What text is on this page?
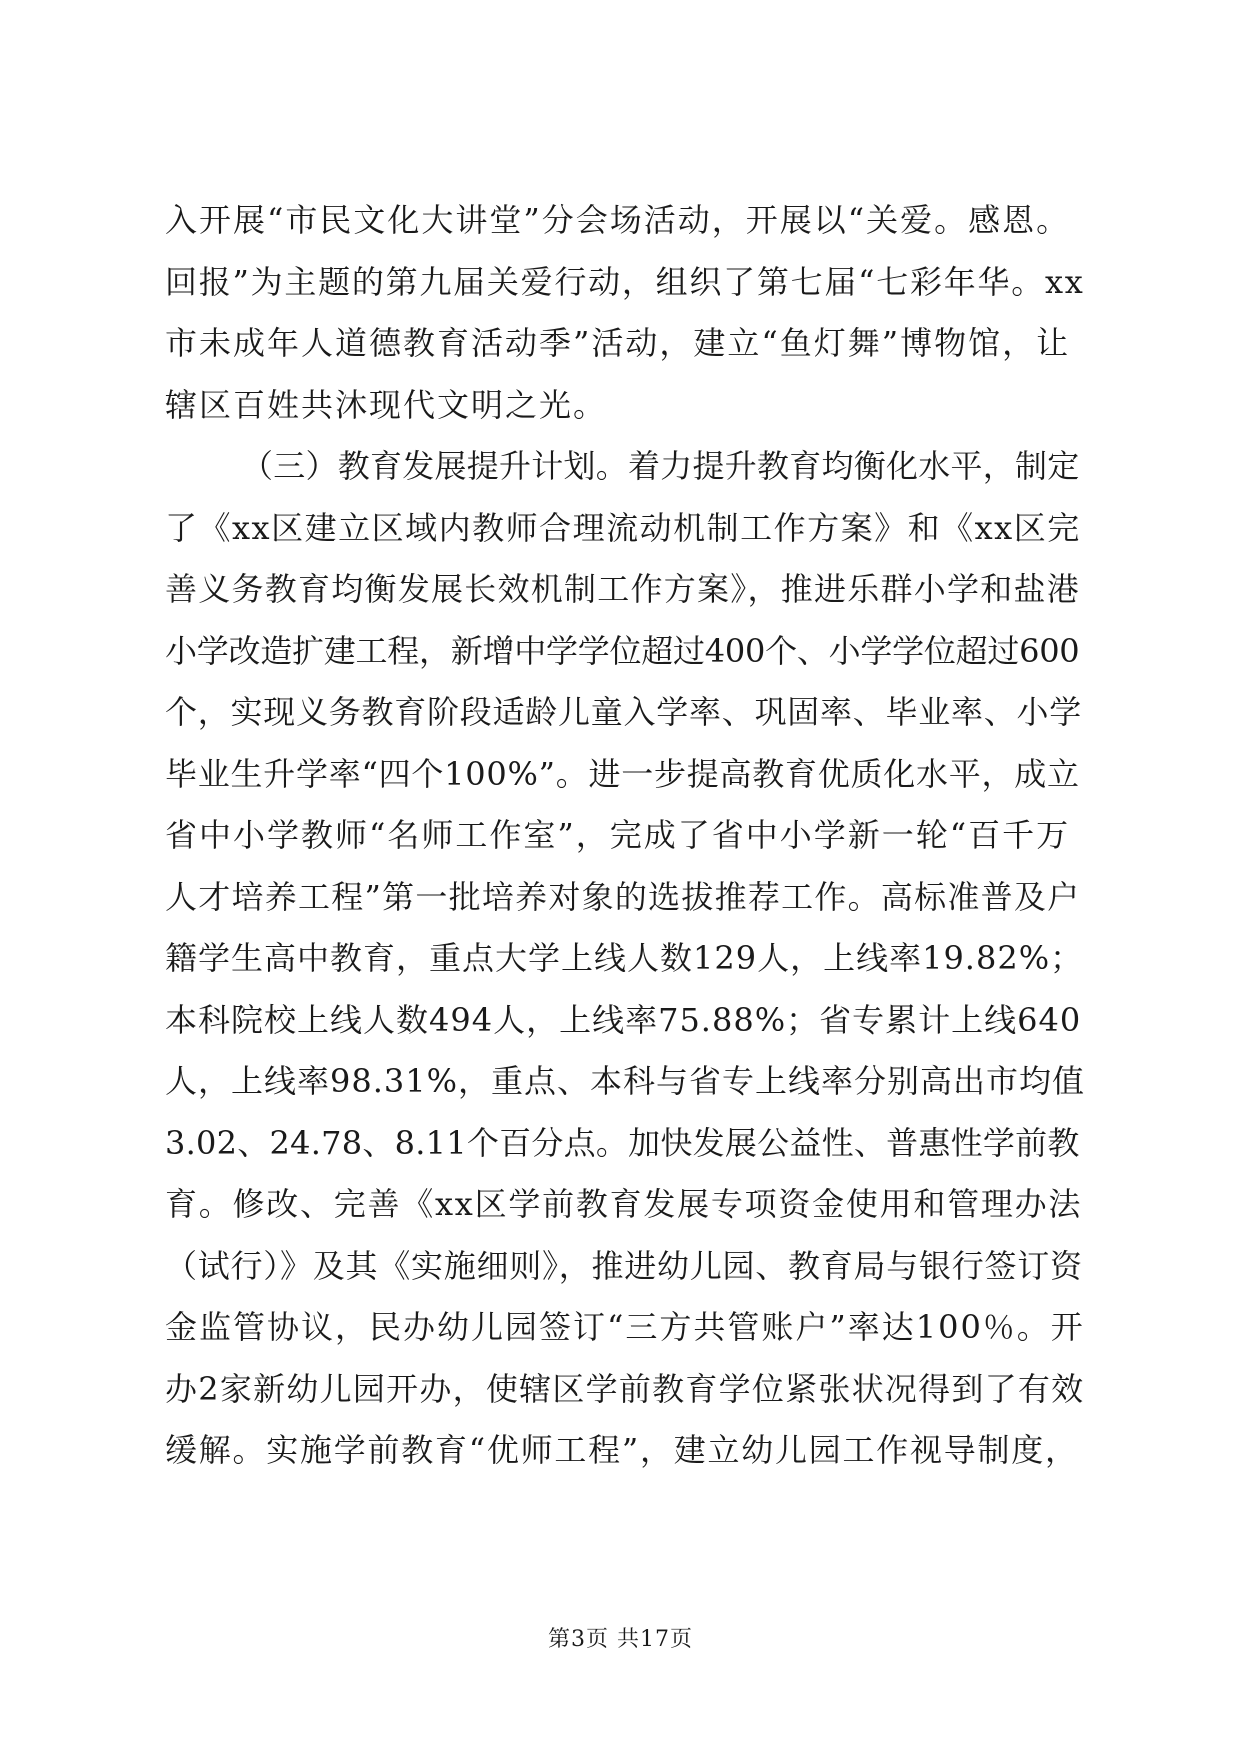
入开展“市民文化大讲堂”分会场活动，开展以“关爱。感恩。
回报”为主题的第九届关爱行动，组织了第七届“七彩年华。xx
市未成年人道德教育活动季”活动，建立“鱼灯舞”博物馆，让
辖区百姓共沐现代文明之光。
（三）教育发展提升计划。着力提升教育均衡化水平，制定
了《xx区建立区域内教师合理流动机制工作方案》和《xx区完
善义务教育均衡发展长效机制工作方案》，推进乐群小学和盐港
小学改造扩建工程，新增中学学位超过400个、小学学位超过600
个，实现义务教育阶段适龄儿童入学率、巩固率、毕业率、小学
毕业生升学率“四个100%”。进一步提高教育优质化水平，成立
省中小学教师“名师工作室”，完成了省中小学新一轮“百千万
人才培养工程”第一批培养对象的选拔推荐工作。高标准普及户
籍学生高中教育，重点大学上线人数129人，上线率19.82%；
本科院校上线人数494人，上线率75.88%；省专累计上线640
人，上线率98.31%，重点、本科与省专上线率分别高出市均值
3.02、24.78、8.11个百分点。加快发展公益性、普惠性学前教
育。修改、完善《xx区学前教育发展专项资金使用和管理办法
（试行）》及其《实施细则》，推进幼儿园、教育局与银行签订资
金监管协议，民办幼儿园签订“三方共管账户”率达100％。开
办2家新幼儿园开办，使辖区学前教育学位紧张状况得到了有效
缓解。实施学前教育“优师工程”，建立幼儿园工作视导制度，
第3页 共17页
